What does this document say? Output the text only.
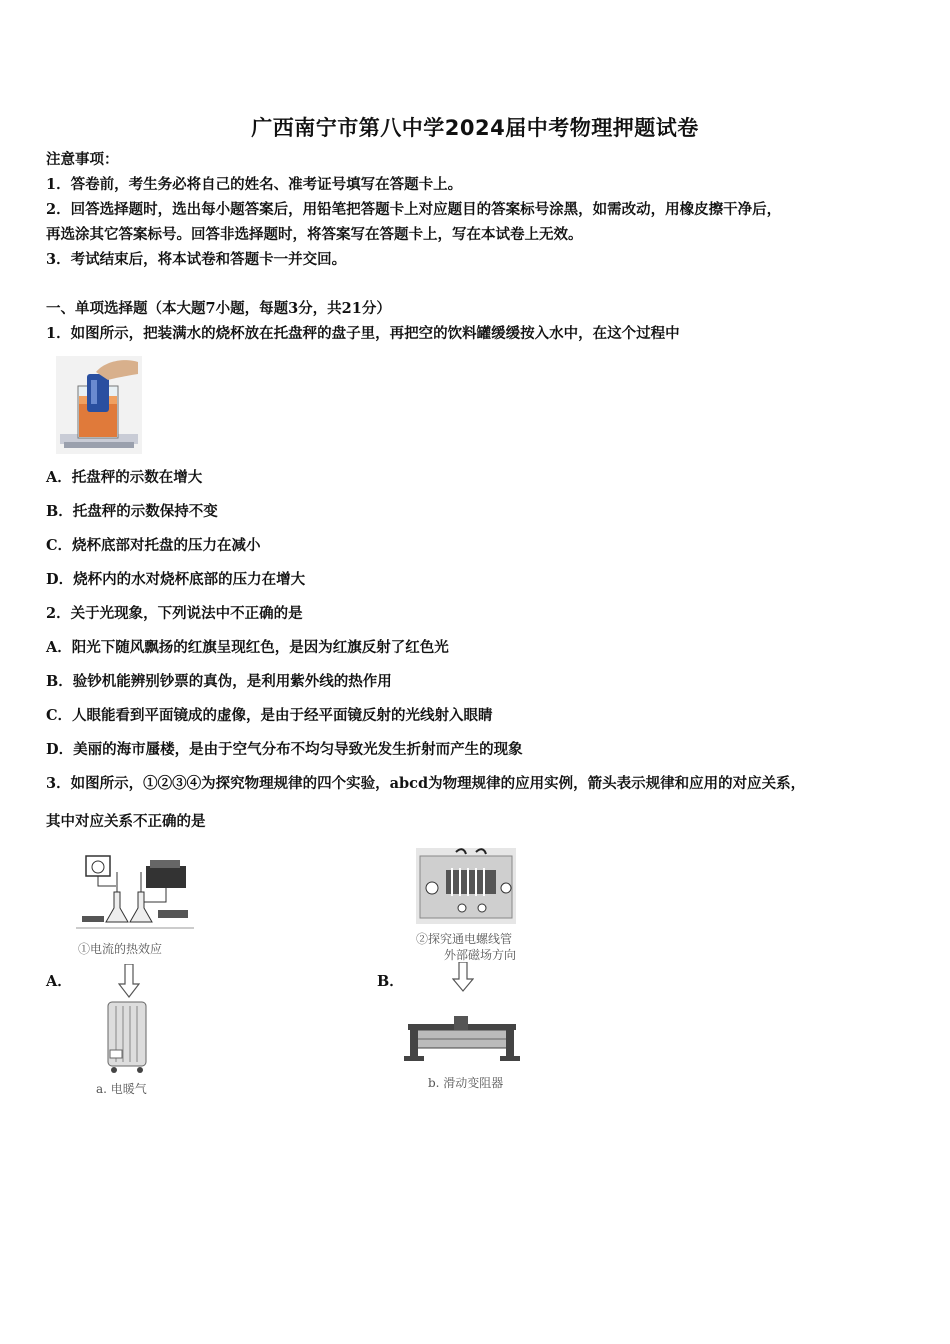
广西南宁市第八中学2024届中考物理押题试卷
注意事项：
1．答卷前，考生务必将自己的姓名、准考证号填写在答题卡上。
2．回答选择题时，选出每小题答案后，用铅笔把答题卡上对应题目的答案标号涂黑，如需改动，用橡皮擦干净后，
再选涂其它答案标号。回答非选择题时，将答案写在答题卡上，写在本试卷上无效。
3．考试结束后，将本试卷和答题卡一并交回。
一、单项选择题（本大题7小题，每题3分，共21分）
1．如图所示，把装满水的烧杯放在托盘秤的盘子里，再把空的饮料罐缓缓按入水中，在这个过程中
A．托盘秤的示数在增大
B．托盘秤的示数保持不变
C．烧杯底部对托盘的压力在减小
D．烧杯内的水对烧杯底部的压力在增大
2．关于光现象，下列说法中不正确的是
A．阳光下随风飘扬的红旗呈现红色，是因为红旗反射了红色光
B．验钞机能辨别钞票的真伪，是利用紫外线的热作用
C．人眼能看到平面镜成的虚像，是由于经平面镜反射的光线射入眼睛
D．美丽的海市蜃楼，是由于空气分布不均匀导致光发生折射而产生的现象
3．如图所示，①②③④为探究物理规律的四个实验，abcd为物理规律的应用实例，箭头表示规律和应用的对应关系，
其中对应关系不正确的是
①电流的热效应
A．
a. 电暖气
②探究通电螺线管
外部磁场方向
B．
b. 滑动变阻器
